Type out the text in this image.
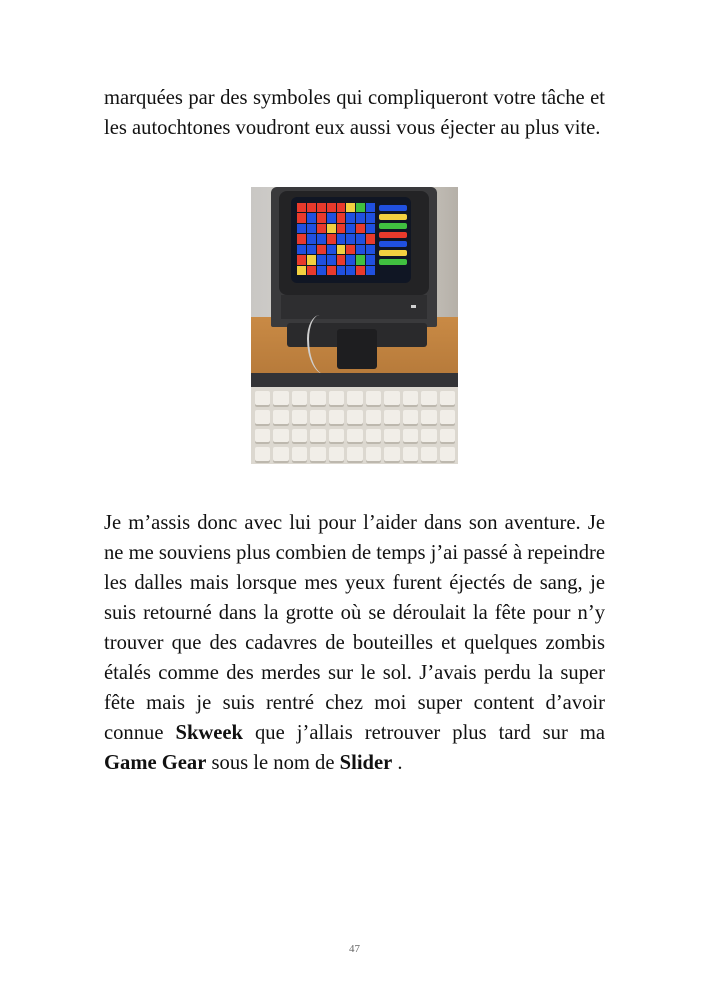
marquées par des symboles qui compliqueront votre tâche et les autochtones voudront eux aussi vous éjecter au plus vite.

Je m’assis donc avec lui pour l’aider dans son aventure. Je ne me souviens plus combien de temps j’ai passé à repeindre les dalles mais lorsque mes yeux furent éjectés de sang, je suis retourné dans la grotte où se déroulait la fête pour n’y trouver que des cadavres de bouteilles et quelques zombis étalés comme des merdes sur le sol. J’avais perdu la super fête mais je suis rentré chez moi super content d’avoir connue Skweek que j’allais retrouver plus tard sur ma Game Gear sous le nom de Slider .

47
